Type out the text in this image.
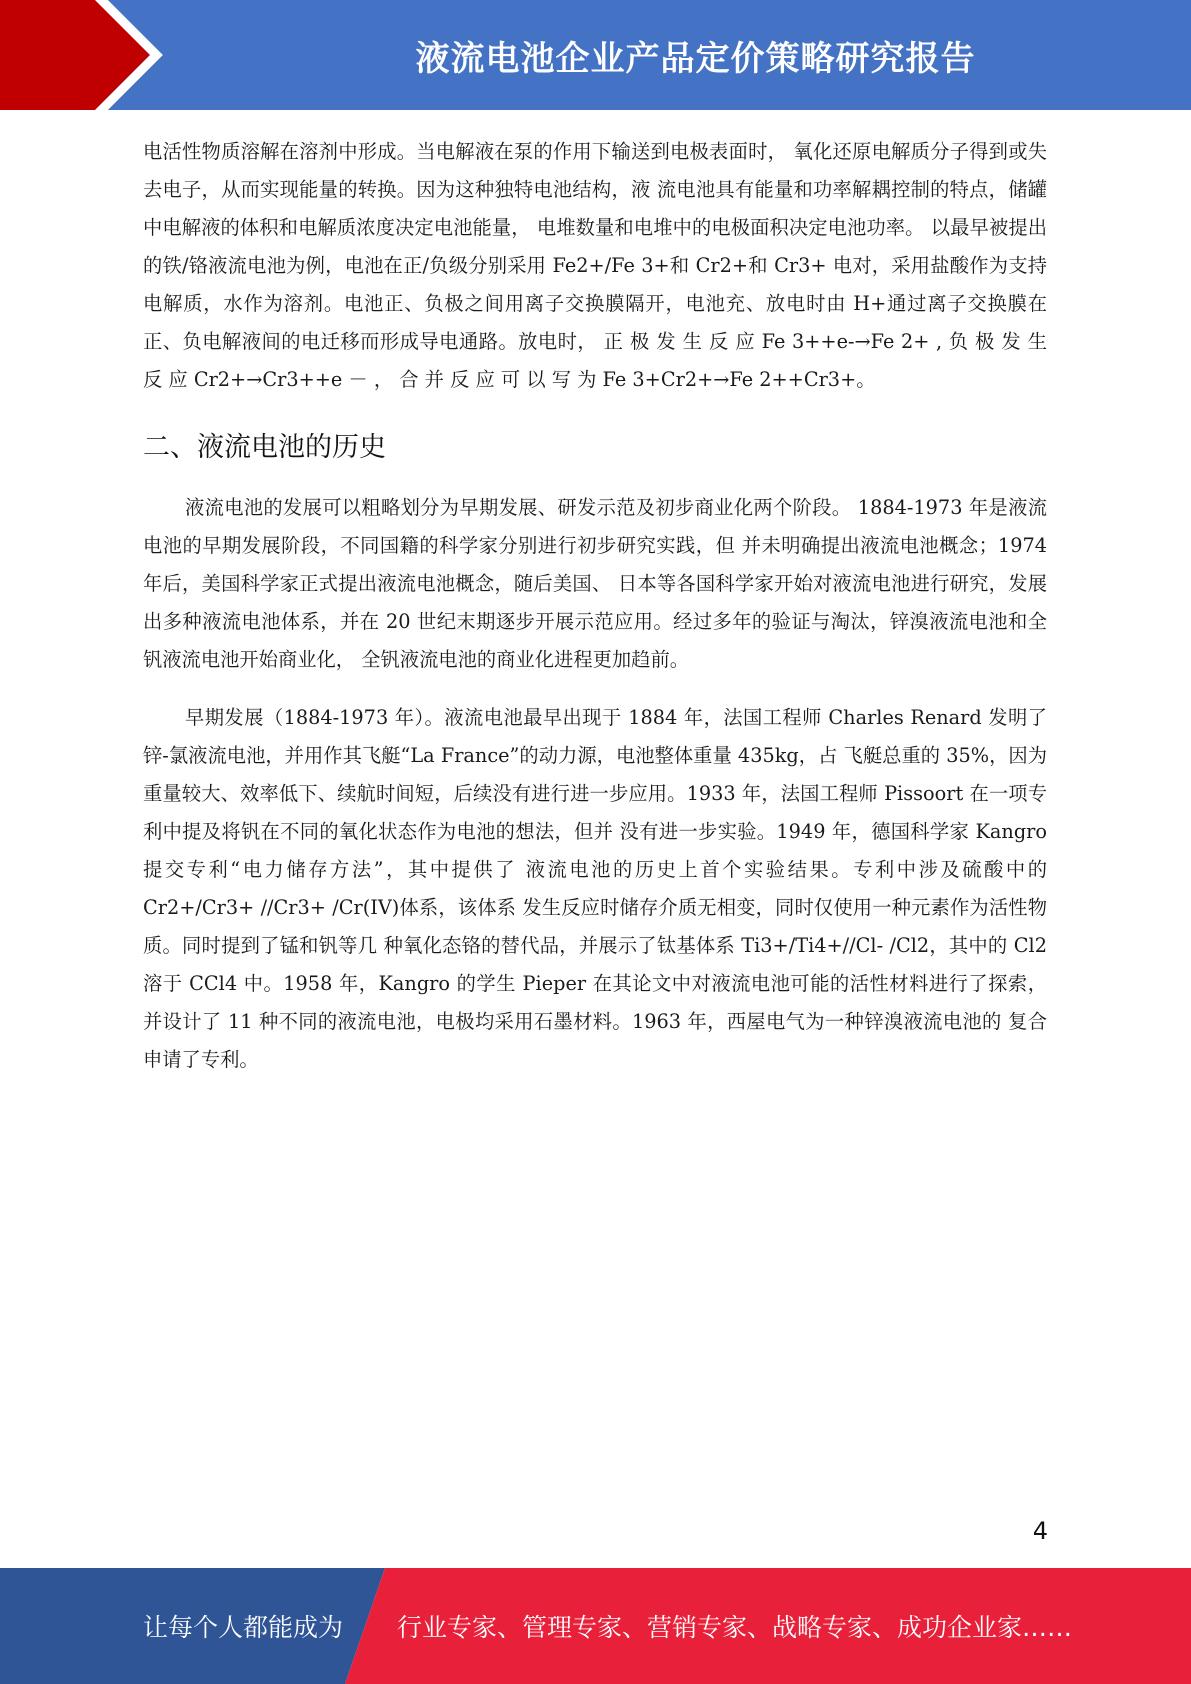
液流电池企业产品定价策略研究报告

电活性物质溶解在溶剂中形成。当电解液在泵的作用下输送到电极表面时， 氧化还原电解质分子得到或失去电子，从而实现能量的转换。因为这种独特电池结构，液 流电池具有能量和功率解耦控制的特点，储罐中电解液的体积和电解质浓度决定电池能量， 电堆数量和电堆中的电极面积决定电池功率。 以最早被提出的铁/铬液流电池为例，电池在正/负级分别采用 Fe2+/Fe 3+和 Cr2+和 Cr3+ 电对，采用盐酸作为支持电解质，水作为溶剂。电池正、负极之间用离子交换膜隔开，电池充、放电时由 H+通过离子交换膜在正、负电解液间的电迁移而形成导电通路。放电时， 正 极 发 生 反 应 Fe 3++e-→Fe 2+ , 负 极 发 生 反 应 Cr2+→Cr3++e － ， 合 并 反 应 可 以 写 为 Fe 3+Cr2+→Fe 2++Cr3+。

二、液流电池的历史

液流电池的发展可以粗略划分为早期发展、研发示范及初步商业化两个阶段。 1884-1973 年是液流电池的早期发展阶段，不同国籍的科学家分别进行初步研究实践，但 并未明确提出液流电池概念；1974 年后，美国科学家正式提出液流电池概念，随后美国、 日本等各国科学家开始对液流电池进行研究，发展出多种液流电池体系，并在 20 世纪末期逐步开展示范应用。经过多年的验证与淘汰，锌溴液流电池和全钒液流电池开始商业化， 全钒液流电池的商业化进程更加趋前。

早期发展（1884-1973 年）。液流电池最早出现于 1884 年，法国工程师 Charles Renard 发明了锌-氯液流电池，并用作其飞艇“La France”的动力源，电池整体重量 435kg，占 飞艇总重的 35%，因为重量较大、效率低下、续航时间短，后续没有进行进一步应用。1933 年，法国工程师 Pissoort 在一项专利中提及将钒在不同的氧化状态作为电池的想法，但并 没有进一步实验。1949 年，德国科学家 Kangro 提交专利“电力储存方法”，其中提供了 液流电池的历史上首个实验结果。专利中涉及硫酸中的 Cr2+/Cr3+ //Cr3+ /Cr(IV)体系，该体系 发生反应时储存介质无相变，同时仅使用一种元素作为活性物质。同时提到了锰和钒等几 种氧化态铬的替代品，并展示了钛基体系 Ti3+/Ti4+//Cl- /Cl2，其中的 Cl2 溶于 CCl4 中。1958 年，Kangro 的学生 Pieper 在其论文中对液流电池可能的活性材料进行了探索，并设计了 11 种不同的液流电池，电极均采用石墨材料。1963 年，西屋电气为一种锌溴液流电池的 复合申请了专利。

4
让每个人都能成为 行业专家、管理专家、营销专家、战略专家、成功企业家……
